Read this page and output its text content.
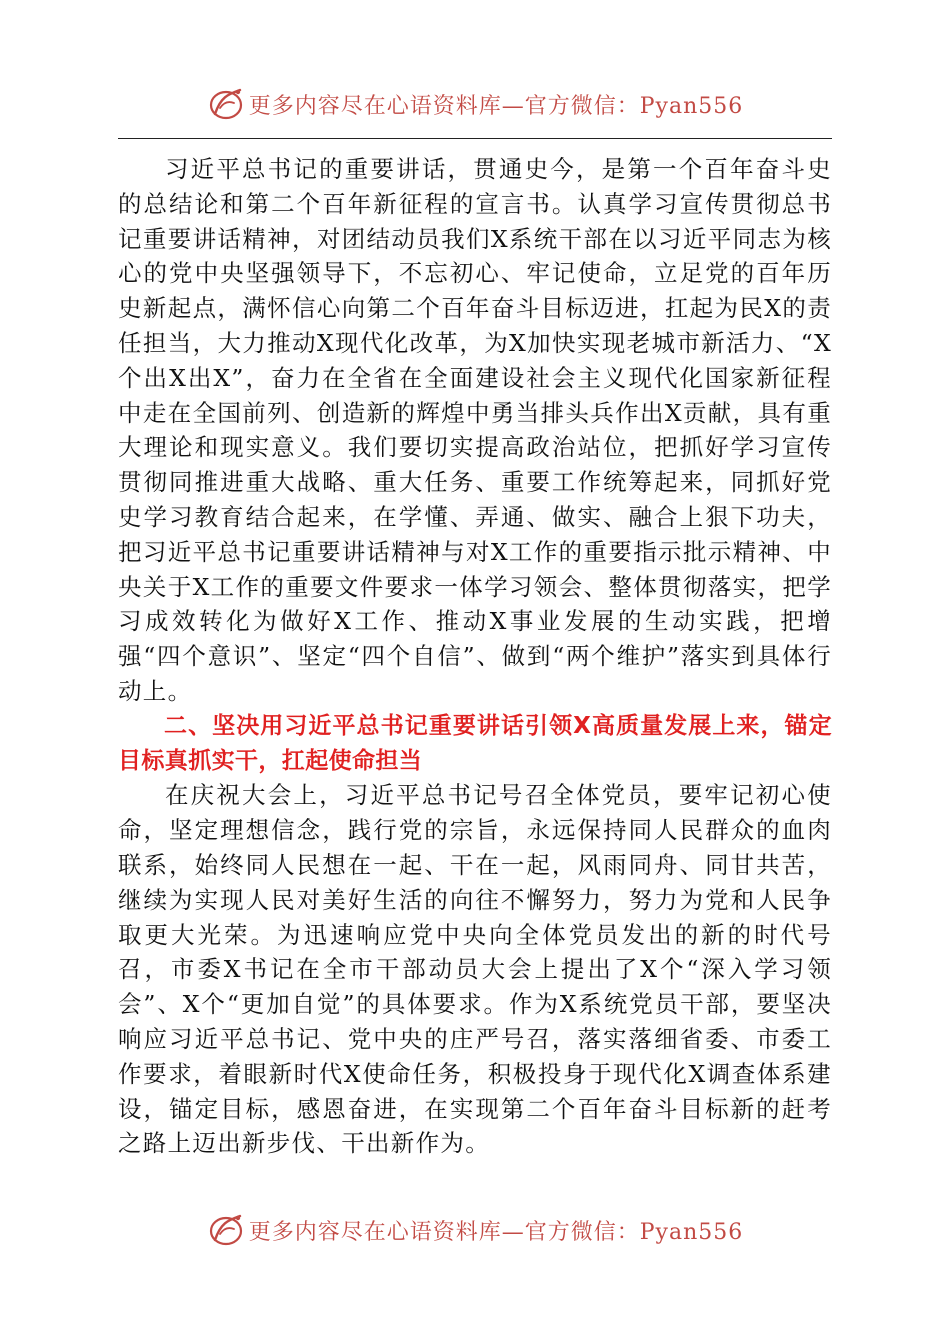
更多内容尽在心语资料库—官方微信：Pyan556

习近平总书记的重要讲话，贯通史今，是第一个百年奋斗史的总结论和第二个百年新征程的宣言书。认真学习宣传贯彻总书记重要讲话精神，对团结动员我们X系统干部在以习近平同志为核心的党中央坚强领导下，不忘初心、牢记使命，立足党的百年历史新起点，满怀信心向第二个百年奋斗目标迈进，扛起为民X的责任担当，大力推动X现代化改革，为X加快实现老城市新活力、“X个出X出X”，奋力在全省在全面建设社会主义现代化国家新征程中走在全国前列、创造新的辉煌中勇当排头兵作出X贡献，具有重大理论和现实意义。我们要切实提高政治站位，把抓好学习宣传贯彻同推进重大战略、重大任务、重要工作统筹起来，同抓好党史学习教育结合起来，在学懂、弄通、做实、融合上狠下功夫，把习近平总书记重要讲话精神与对X工作的重要指示批示精神、中央关于X工作的重要文件要求一体学习领会、整体贯彻落实，把学习成效转化为做好X工作、推动X事业发展的生动实践，把增强“四个意识”、坚定“四个自信”、做到“两个维护”落实到具体行动上。

二、坚决用习近平总书记重要讲话引领X高质量发展上来，锚定目标真抓实干，扛起使命担当

在庆祝大会上，习近平总书记号召全体党员，要牢记初心使命，坚定理想信念，践行党的宗旨，永远保持同人民群众的血肉联系，始终同人民想在一起、干在一起，风雨同舟、同甘共苦，继续为实现人民对美好生活的向往不懈努力，努力为党和人民争取更大光荣。为迅速响应党中央向全体党员发出的新的时代号召，市委X书记在全市干部动员大会上提出了X个“深入学习领会”、X个“更加自觉”的具体要求。作为X系统党员干部，要坚决响应习近平总书记、党中央的庄严号召，落实落细省委、市委工作要求，着眼新时代X使命任务，积极投身于现代化X调查体系建设，锚定目标，感恩奋进，在实现第二个百年奋斗目标新的赶考之路上迈出新步伐、干出新作为。

更多内容尽在心语资料库—官方微信：Pyan556
